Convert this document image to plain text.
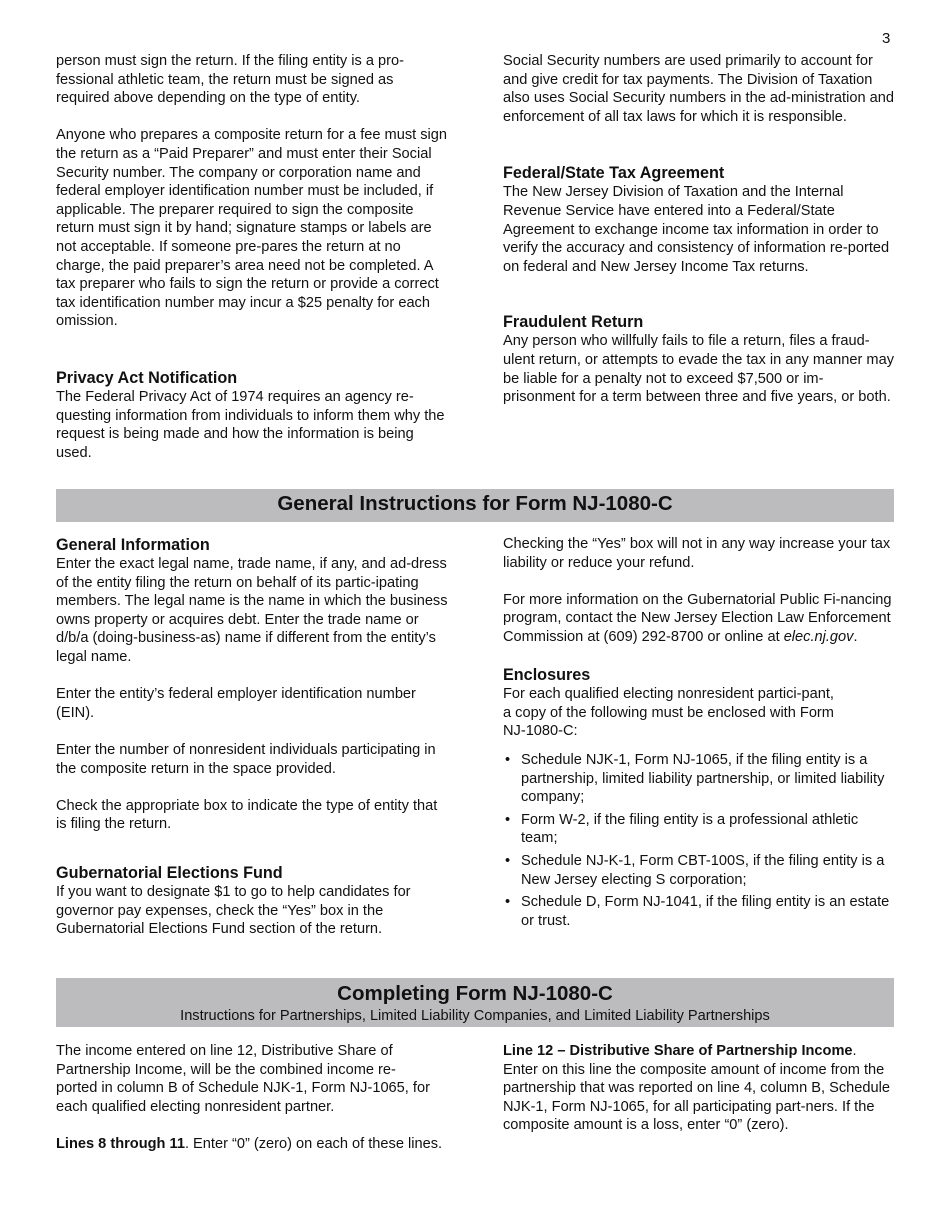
3

person must sign the return. If the filing entity is a pro-fessional athletic team, the return must be signed as required above depending on the type of entity.

Anyone who prepares a composite return for a fee must sign the return as a “Paid Preparer” and must enter their Social Security number. The company or corporation name and federal employer identification number must be included, if applicable. The preparer required to sign the composite return must sign it by hand; signature stamps or labels are not acceptable. If someone pre-pares the return at no charge, the paid preparer’s area need not be completed. A tax preparer who fails to sign the return or provide a correct tax identification number may incur a $25 penalty for each omission.

Privacy Act Notification

The Federal Privacy Act of 1974 requires an agency re-questing information from individuals to inform them why the request is being made and how the information is being used.

Social Security numbers are used primarily to account for and give credit for tax payments. The Division of Taxation also uses Social Security numbers in the ad-ministration and enforcement of all tax laws for which it is responsible.

Federal/State Tax Agreement

The New Jersey Division of Taxation and the Internal Revenue Service have entered into a Federal/State Agreement to exchange income tax information in order to verify the accuracy and consistency of information re-ported on federal and New Jersey Income Tax returns.

Fraudulent Return

Any person who willfully fails to file a return, files a fraud-ulent return, or attempts to evade the tax in any manner may be liable for a penalty not to exceed $7,500 or im-prisonment for a term between three and five years, or both.

General Instructions for Form NJ-1080-C
General Information

Enter the exact legal name, trade name, if any, and ad-dress of the entity filing the return on behalf of its partic-ipating members. The legal name is the name in which the business owns property or acquires debt. Enter the trade name or d/b/a (doing-business-as) name if different from the entity’s legal name.

Enter the entity’s federal employer identification number (EIN).

Enter the number of nonresident individuals participating in the composite return in the space provided.

Check the appropriate box to indicate the type of entity that is filing the return.

Gubernatorial Elections Fund

If you want to designate $1 to go to help candidates for governor pay expenses, check the “Yes” box in the Gubernatorial Elections Fund section of the return.

Checking the “Yes” box will not in any way increase your tax liability or reduce your refund.

For more information on the Gubernatorial Public Fi-nancing program, contact the New Jersey Election Law Enforcement Commission at (609) 292-8700 or online at elec.nj.gov.

Enclosures

For each qualified electing nonresident partici-pant, a copy of the following must be enclosed with Form NJ-1080-C:

• Schedule NJK-1, Form NJ-1065, if the filing entity is a partnership, limited liability partnership, or limited liability company;
• Form W-2, if the filing entity is a professional athletic team;
• Schedule NJ-K-1, Form CBT-100S, if the filing entity is a New Jersey electing S corporation;
• Schedule D, Form NJ-1041, if the filing entity is an estate or trust.
Completing Form NJ-1080-C
Instructions for Partnerships, Limited Liability Companies, and Limited Liability Partnerships

The income entered on line 12, Distributive Share of Partnership Income, will be the combined income re-ported in column B of Schedule NJK-1, Form NJ-1065, for each qualified electing nonresident partner.

Lines 8 through 11. Enter “0” (zero) on each of these lines.

Line 12 – Distributive Share of Partnership Income. Enter on this line the composite amount of income from the partnership that was reported on line 4, column B, Schedule NJK-1, Form NJ-1065, for all participating part-ners. If the composite amount is a loss, enter “0” (zero).
